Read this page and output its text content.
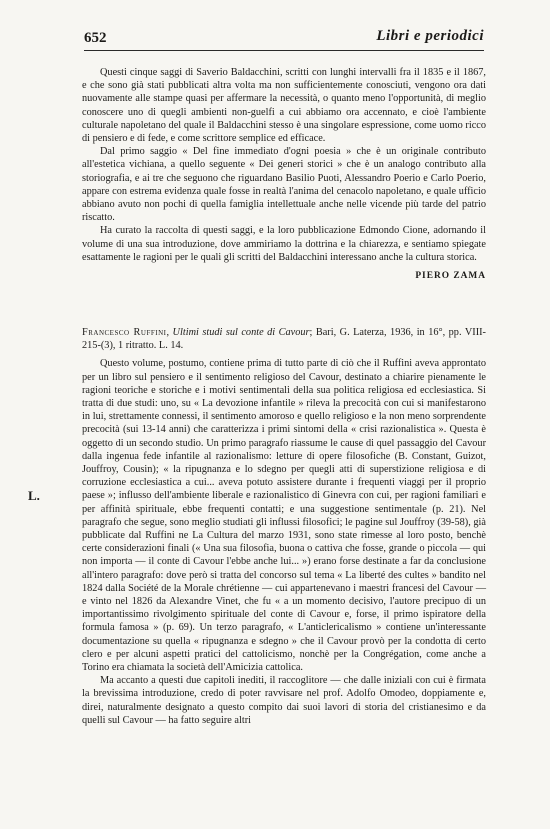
652	Libri e periodici

Questi cinque saggi di Saverio Baldacchini, scritti con lunghi intervalli fra il 1835 e il 1867, e che sono già stati pubblicati altra volta ma non sufficientemente conosciuti, vengono ora dati nuovamente alle stampe quasi per affermare la necessità, o quanto meno l'opportunità, di meglio conoscere uno di quegli ambienti non-guelfi a cui abbiamo ora accennato, e cioè l'ambiente culturale napoletano del quale il Baldacchini stesso è una singolare espressione, come uomo ricco di pensiero e di fede, e come scrittore semplice ed efficace.

Dal primo saggio « Del fine immediato d'ogni poesia » che è un originale contributo all'estetica vichiana, a quello seguente « Dei generi storici » che è un analogo contributo alla storiografia, e ai tre che seguono che riguardano Basilio Puoti, Alessandro Poerio e Carlo Poerio, appare con estrema evidenza quale fosse in realtà l'anima del cenacolo napoletano, e quale ufficio abbiano avuto non pochi di quella famiglia intellettuale anche nelle vicende più tarde del patrio riscatto.

Ha curato la raccolta di questi saggi, e la loro pubblicazione Edmondo Cione, adornando il volume di una sua introduzione, dove ammiriamo la dottrina e la chiarezza, e sentiamo spiegate esattamente le ragioni per le quali gli scritti del Baldacchini interessano anche la cultura storica.

PIERO ZAMA

Francesco Ruffini, Ultimi studi sul conte di Cavour; Bari, G. Laterza, 1936, in 16°, pp. VIII-215-(3), 1 ritratto. L. 14.

Questo volume, postumo, contiene prima di tutto parte di ciò che il Ruffini aveva approntato per un libro sul pensiero e il sentimento religioso del Cavour, destinato a chiarire pienamente le ragioni teoriche e storiche e i motivi sentimentali della sua politica religiosa ed ecclesiastica. Si tratta di due studi: uno, su « La devozione infantile » rileva la precocità con cui si manifestarono in lui, strettamente connessi, il sentimento amoroso e quello religioso e la non meno sorprendente precocità (sui 13-14 anni) che caratterizza i primi sintomi della « crisi razionalistica ». Questa è oggetto di un secondo studio. Un primo paragrafo riassume le cause di quel passaggio del Cavour dalla ingenua fede infantile al razionalismo: letture di opere filosofiche (B. Constant, Guizot, Jouffroy, Cousin); « la ripugnanza e lo sdegno per quegli atti di superstizione religiosa e di corruzione ecclesiastica a cui... aveva potuto assistere durante i frequenti viaggi per il proprio paese »; influsso dell'ambiente liberale e razionalistico di Ginevra con cui, per ragioni familiari e per affinità spirituale, ebbe frequenti contatti; e una suggestione sentimentale (p. 21). Nel paragrafo che segue, sono meglio studiati gli influssi filosofici; le pagine sul Jouffroy (39-58), già pubblicate dal Ruffini ne La Cultura del marzo 1931, sono state rimesse al loro posto, benchè certe considerazioni finali (« Una sua filosofia, buona o cattiva che fosse, grande o piccola — qui non importa — il conte di Cavour l'ebbe anche lui... ») erano forse destinate a far da conclusione all'intero paragrafo: dove però si tratta del concorso sul tema « La liberté des cultes » bandito nel 1824 dalla Société de la Morale chrétienne — cui appartenevano i maestri francesi del Cavour — e vinto nel 1826 da Alexandre Vinet, che fu « a un momento decisivo, l'autore precipuo di un importantissimo rivolgimento spirituale del conte di Cavour e, forse, il primo ispiratore della formula famosa » (p. 69). Un terzo paragrafo, « L'anticlericalismo » contiene un'interessante documentazione su quella « ripugnanza e sdegno » che il Cavour provò per la condotta di certo clero e per alcuni aspetti pratici del cattolicismo, nonchè per la Congrégation, come anche a Torino era chiamata la società dell'Amicizia cattolica.

Ma accanto a questi due capitoli inediti, il raccoglitore — che dalle iniziali con cui è firmata la brevissima introduzione, credo di poter ravvisare nel prof. Adolfo Omodeo, doppiamente e, direi, naturalmente designato a questo compito dai suoi lavori di storia del cristianesimo e da quelli sul Cavour — ha fatto seguire altri

L.
